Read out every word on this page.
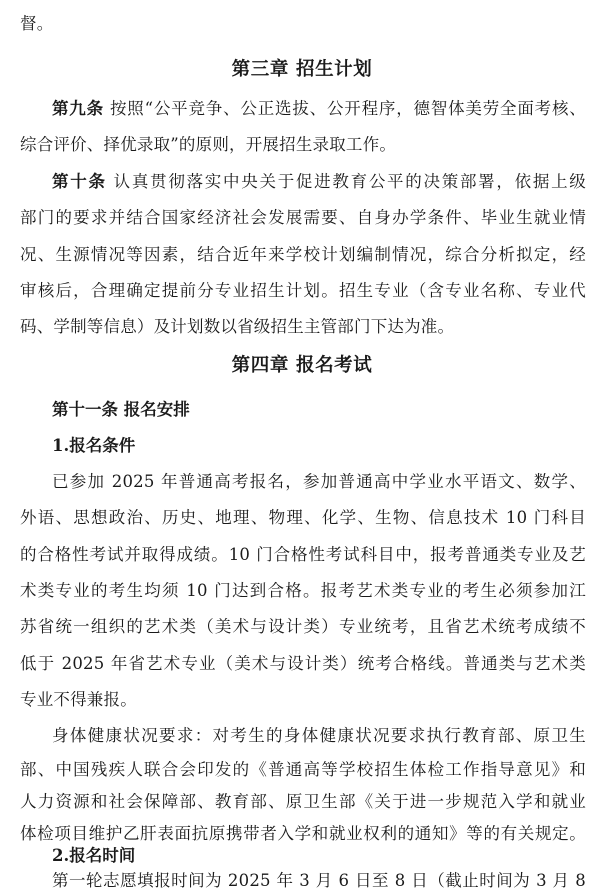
督。
第三章 招生计划
第九条 按照“公平竞争、公正选拔、公开程序，德智体美劳全面考核、
综合评价、择优录取”的原则，开展招生录取工作。
第十条 认真贯彻落实中央关于促进教育公平的决策部署，依据上级
部门的要求并结合国家经济社会发展需要、自身办学条件、毕业生就业情
况、生源情况等因素，结合近年来学校计划编制情况，综合分析拟定，经
审核后，合理确定提前分专业招生计划。招生专业（含专业名称、专业代
码、学制等信息）及计划数以省级招生主管部门下达为准。
第四章 报名考试
第十一条 报名安排
1.报名条件
已参加 2025 年普通高考报名，参加普通高中学业水平语文、数学、
外语、思想政治、历史、地理、物理、化学、生物、信息技术 10 门科目
的合格性考试并取得成绩。10 门合格性考试科目中，报考普通类专业及艺
术类专业的考生均须 10 门达到合格。报考艺术类专业的考生必须参加江
苏省统一组织的艺术类（美术与设计类）专业统考，且省艺术统考成绩不
低于 2025 年省艺术专业（美术与设计类）统考合格线。普通类与艺术类
专业不得兼报。
身体健康状况要求：对考生的身体健康状况要求执行教育部、原卫生
部、中国残疾人联合会印发的《普通高等学校招生体检工作指导意见》和
人力资源和社会保障部、教育部、原卫生部《关于进一步规范入学和就业
体检项目维护乙肝表面抗原携带者入学和就业权利的通知》等的有关规定。
2.报名时间
第一轮志愿填报时间为 2025 年 3 月 6 日至 8 日（截止时间为 3 月 8
